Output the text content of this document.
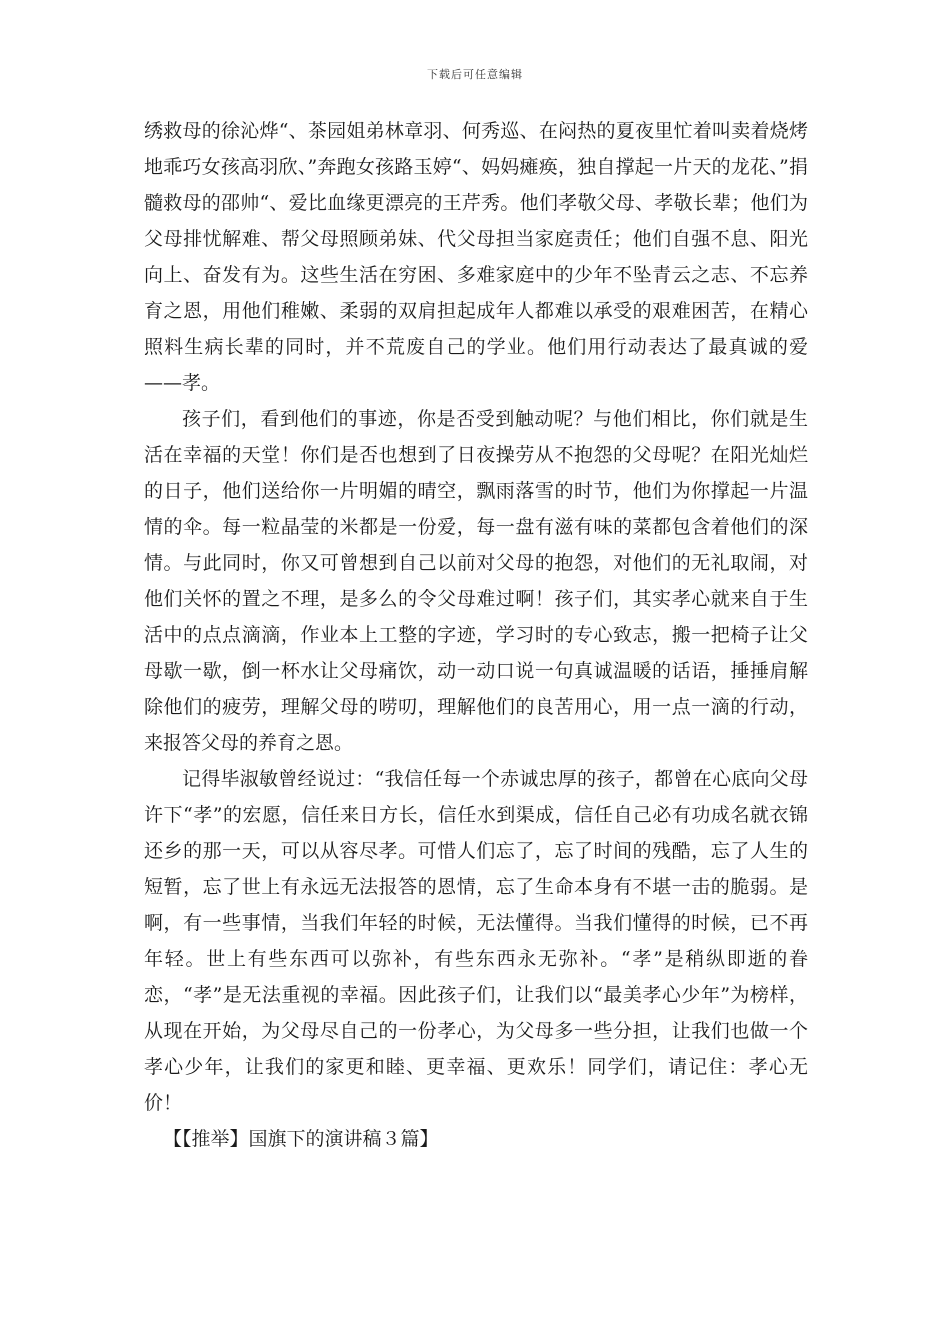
下载后可任意编辑

绣救母的徐沁烨“、茶园姐弟林章羽、何秀巡、在闷热的夏夜里忙着叫卖着烧烤地乖巧女孩高羽欣、”奔跑女孩路玉婷“、妈妈瘫痪，独自撑起一片天的龙花、”捐髓救母的邵帅“、爱比血缘更漂亮的王芹秀。他们孝敬父母、孝敬长辈；他们为父母排忧解难、帮父母照顾弟妹、代父母担当家庭责任；他们自强不息、阳光向上、奋发有为。这些生活在穷困、多难家庭中的少年不坠青云之志、不忘养育之恩，用他们稚嫩、柔弱的双肩担起成年人都难以承受的艰难困苦，在精心照料生病长辈的同时，并不荒废自己的学业。他们用行动表达了最真诚的爱——孝。

孩子们，看到他们的事迹，你是否受到触动呢？与他们相比，你们就是生活在幸福的天堂！你们是否也想到了日夜操劳从不抱怨的父母呢？在阳光灿烂的日子，他们送给你一片明媚的晴空，飘雨落雪的时节，他们为你撑起一片温情的伞。每一粒晶莹的米都是一份爱，每一盘有滋有味的菜都包含着他们的深情。与此同时，你又可曾想到自己以前对父母的抱怨，对他们的无礼取闹，对他们关怀的置之不理，是多么的令父母难过啊！孩子们，其实孝心就来自于生活中的点点滴滴，作业本上工整的字迹，学习时的专心致志，搬一把椅子让父母歇一歇，倒一杯水让父母痛饮，动一动口说一句真诚温暖的话语，捶捶肩解除他们的疲劳，理解父母的唠叨，理解他们的良苦用心，用一点一滴的行动，来报答父母的养育之恩。

记得毕淑敏曾经说过：“我信任每一个赤诚忠厚的孩子，都曾在心底向父母许下“孝”的宏愿，信任来日方长，信任水到渠成，信任自己必有功成名就衣锦还乡的那一天，可以从容尽孝。可惜人们忘了，忘了时间的残酷，忘了人生的短暂，忘了世上有永远无法报答的恩情，忘了生命本身有不堪一击的脆弱。是啊，有一些事情，当我们年轻的时候，无法懂得。当我们懂得的时候，已不再年轻。世上有些东西可以弥补，有些东西永无弥补。“孝”是稍纵即逝的眷恋，“孝”是无法重视的幸福。因此孩子们，让我们以“最美孝心少年”为榜样，从现在开始，为父母尽自己的一份孝心，为父母多一些分担，让我们也做一个孝心少年，让我们的家更和睦、更幸福、更欢乐！同学们，请记住：孝心无价！

【【推举】国旗下的演讲稿３篇】
